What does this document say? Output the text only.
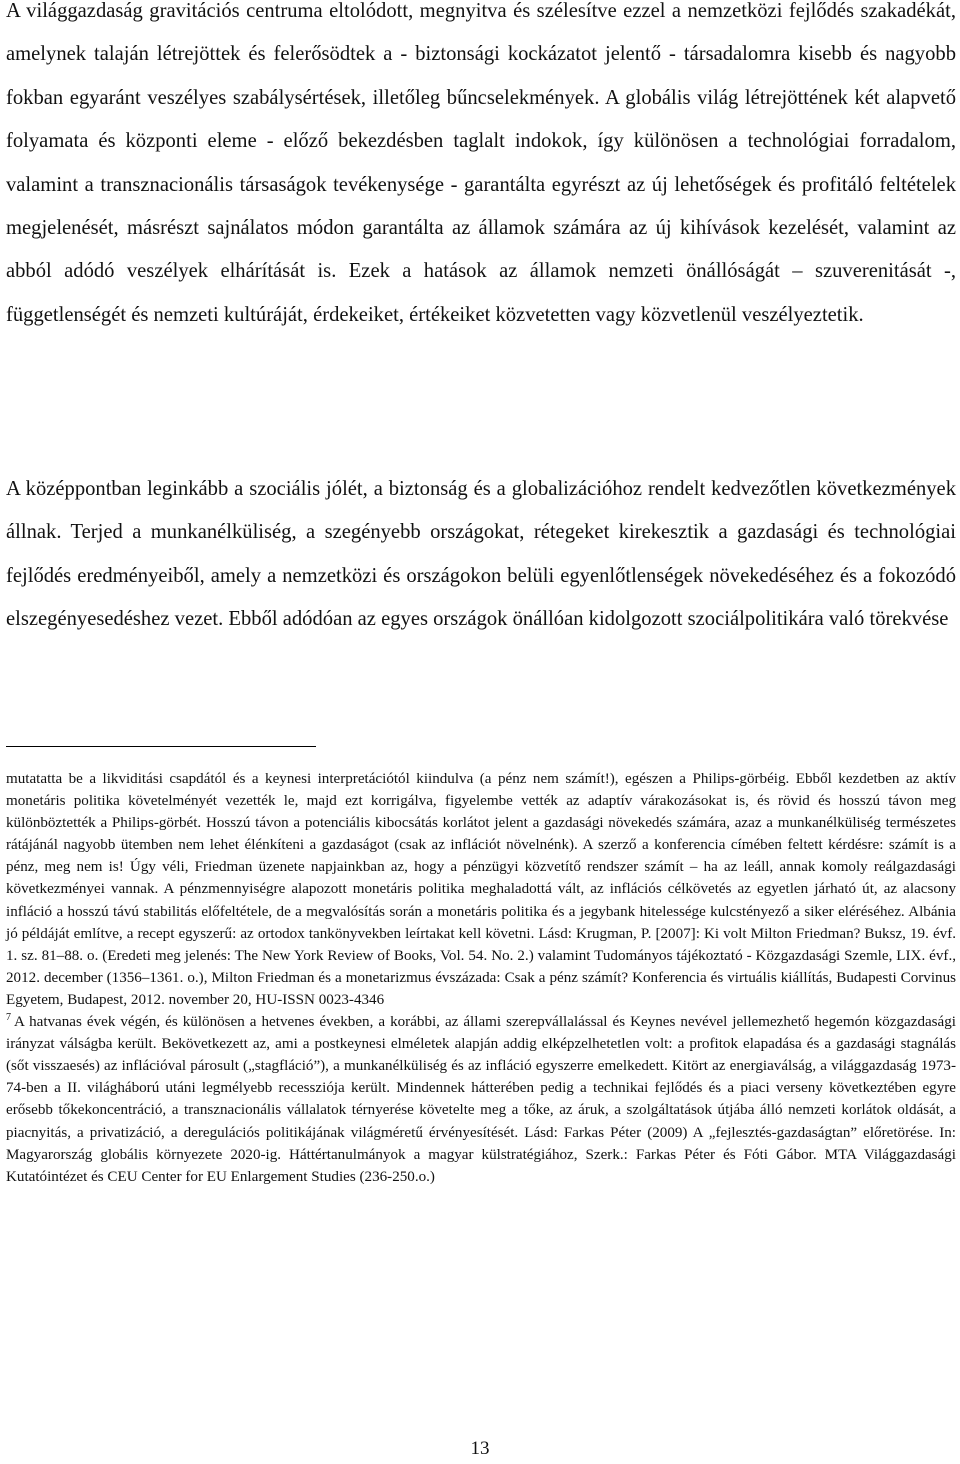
A világgazdaság gravitációs centruma eltolódott, megnyitva és szélesítve ezzel a nemzetközi fejlődés szakadékát, amelynek talaján létrejöttek és felerősödtek a - biztonsági kockázatot jelentő - társadalomra kisebb és nagyobb fokban egyaránt veszélyes szabálysértések, illetőleg bűncselekmények. A globális világ létrejöttének két alapvető folyamata és központi eleme - előző bekezdésben taglalt indokok, így különösen a technológiai forradalom, valamint a transznacionális társaságok tevékenysége - garantálta egyrészt az új lehetőségek és profitáló feltételek megjelenését, másrészt sajnálatos módon garantálta az államok számára az új kihívások kezelését, valamint az abból adódó veszélyek elhárítását is. Ezek a hatások az államok nemzeti önállóságát – szuverenitását -, függetlenségét és nemzeti kultúráját, érdekeiket, értékeiket közvetetten vagy közvetlenül veszélyeztetik.

A középpontban leginkább a szociális jólét, a biztonság és a globalizációhoz rendelt kedvezőtlen következmények állnak. Terjed a munkanélküliség, a szegényebb országokat, rétegeket kirekesztik a gazdasági és technológiai fejlődés eredményeiből, amely a nemzetközi és országokon belüli egyenlőtlenségek növekedéséhez és a fokozódó elszegényesedéshez vezet. Ebből adódóan az egyes országok önállóan kidolgozott szociálpolitikára való törekvése

mutatatta be a likviditási csapdától és a keynesi interpretációtól kiindulva (a pénz nem számít!), egészen a Philips-görbéig. Ebből kezdetben az aktív monetáris politika követelményét vezették le, majd ezt korrigálva, figyelembe vették az adaptív várakozásokat is, és rövid és hosszú távon meg különböztették a Philips-görbét. Hosszú távon a potenciális kibocsátás korlátot jelent a gazdasági növekedés számára, azaz a munkanélküliség természetes rátájánál nagyobb ütemben nem lehet élénkíteni a gazdaságot (csak az inflációt növelnénk). A szerző a konferencia címében feltett kérdésre: számít is a pénz, meg nem is! Úgy véli, Friedman üzenete napjainkban az, hogy a pénzügyi közvetítő rendszer számít – ha az leáll, annak komoly reálgazdasági következményei vannak. A pénzmennyiségre alapozott monetáris politika meghaladottá vált, az inflációs célkövetés az egyetlen járható út, az alacsony infláció a hosszú távú stabilitás előfeltétele, de a megvalósítás során a monetáris politika és a jegybank hitelessége kulcstényező a siker eléréséhez. Albánia jó példáját említve, a recept egyszerű: az ortodox tankönyvekben leírtakat kell követni. Lásd: Krugman, P. [2007]: Ki volt Milton Friedman? Buksz, 19. évf. 1. sz. 81–88. o. (Eredeti meg jelenés: The New York Review of Books, Vol. 54. No. 2.) valamint Tudományos tájékoztató - Közgazdasági Szemle, LIX. évf., 2012. december (1356–1361. o.), Milton Friedman és a monetarizmus évszázada: Csak a pénz számít? Konferencia és virtuális kiállítás, Budapesti Corvinus Egyetem, Budapest, 2012. november 20, HU-ISSN 0023-4346

$^7$ A hatvanas évek végén, és különösen a hetvenes években, a korábbi, az állami szerepvállalással és Keynes nevével jellemezhető hegemón közgazdasági irányzat válságba került. Bekövetkezett az, ami a postkeynesi elméletek alapján addig elképzelhetetlen volt: a profitok elapadása és a gazdasági stagnálás (sőt visszaesés) az inflációval párosult („stagfláció”), a munkanélküliség és az infláció egyszerre emelkedett. Kitört az energiaválság, a világgazdaság 1973-74-ben a II. világháború utáni legmélyebb recessziója került. Mindennek hátterében pedig a technikai fejlődés és a piaci verseny következtében egyre erősebb tőkekoncentráció, a transznacionális vállalatok térnyerése követelte meg a tőke, az áruk, a szolgáltatások útjába álló nemzeti korlátok oldását, a piacnyitás, a privatizáció, a deregulációs politikájának világméretű érvényesítését. Lásd: Farkas Péter (2009) A „fejlesztés-gazdaságtan” előretörése. In: Magyarország globális környezete 2020-ig. Háttértanulmányok a magyar külstratégiához, Szerk.: Farkas Péter és Fóti Gábor. MTA Világgazdasági Kutatóintézet és CEU Center for EU Enlargement Studies (236-250.o.)

13
